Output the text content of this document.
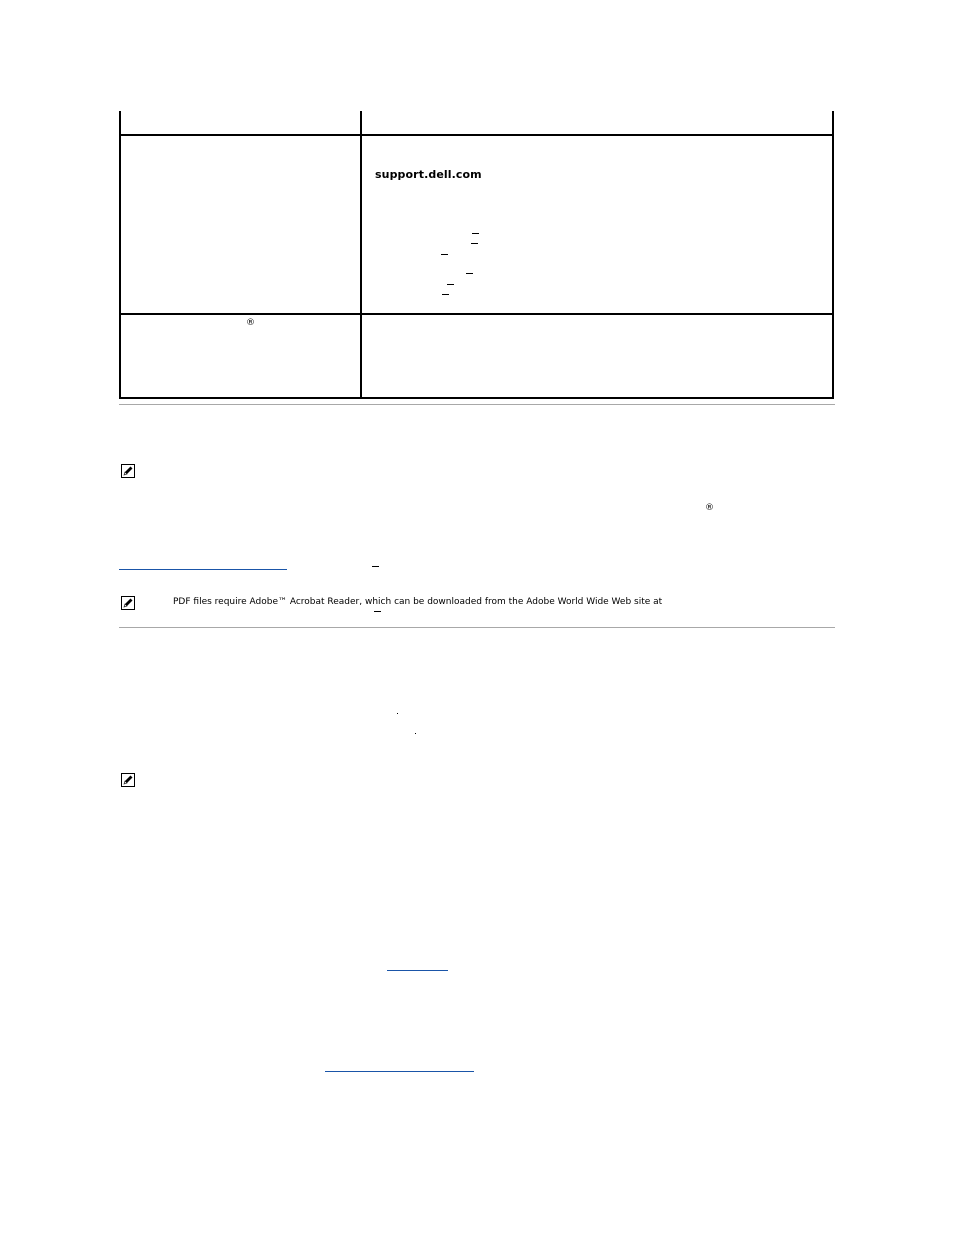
support.dell.com
®
®
PDF files require Adobe™ Acrobat Reader, which can be downloaded from the Adobe World Wide Web site at
